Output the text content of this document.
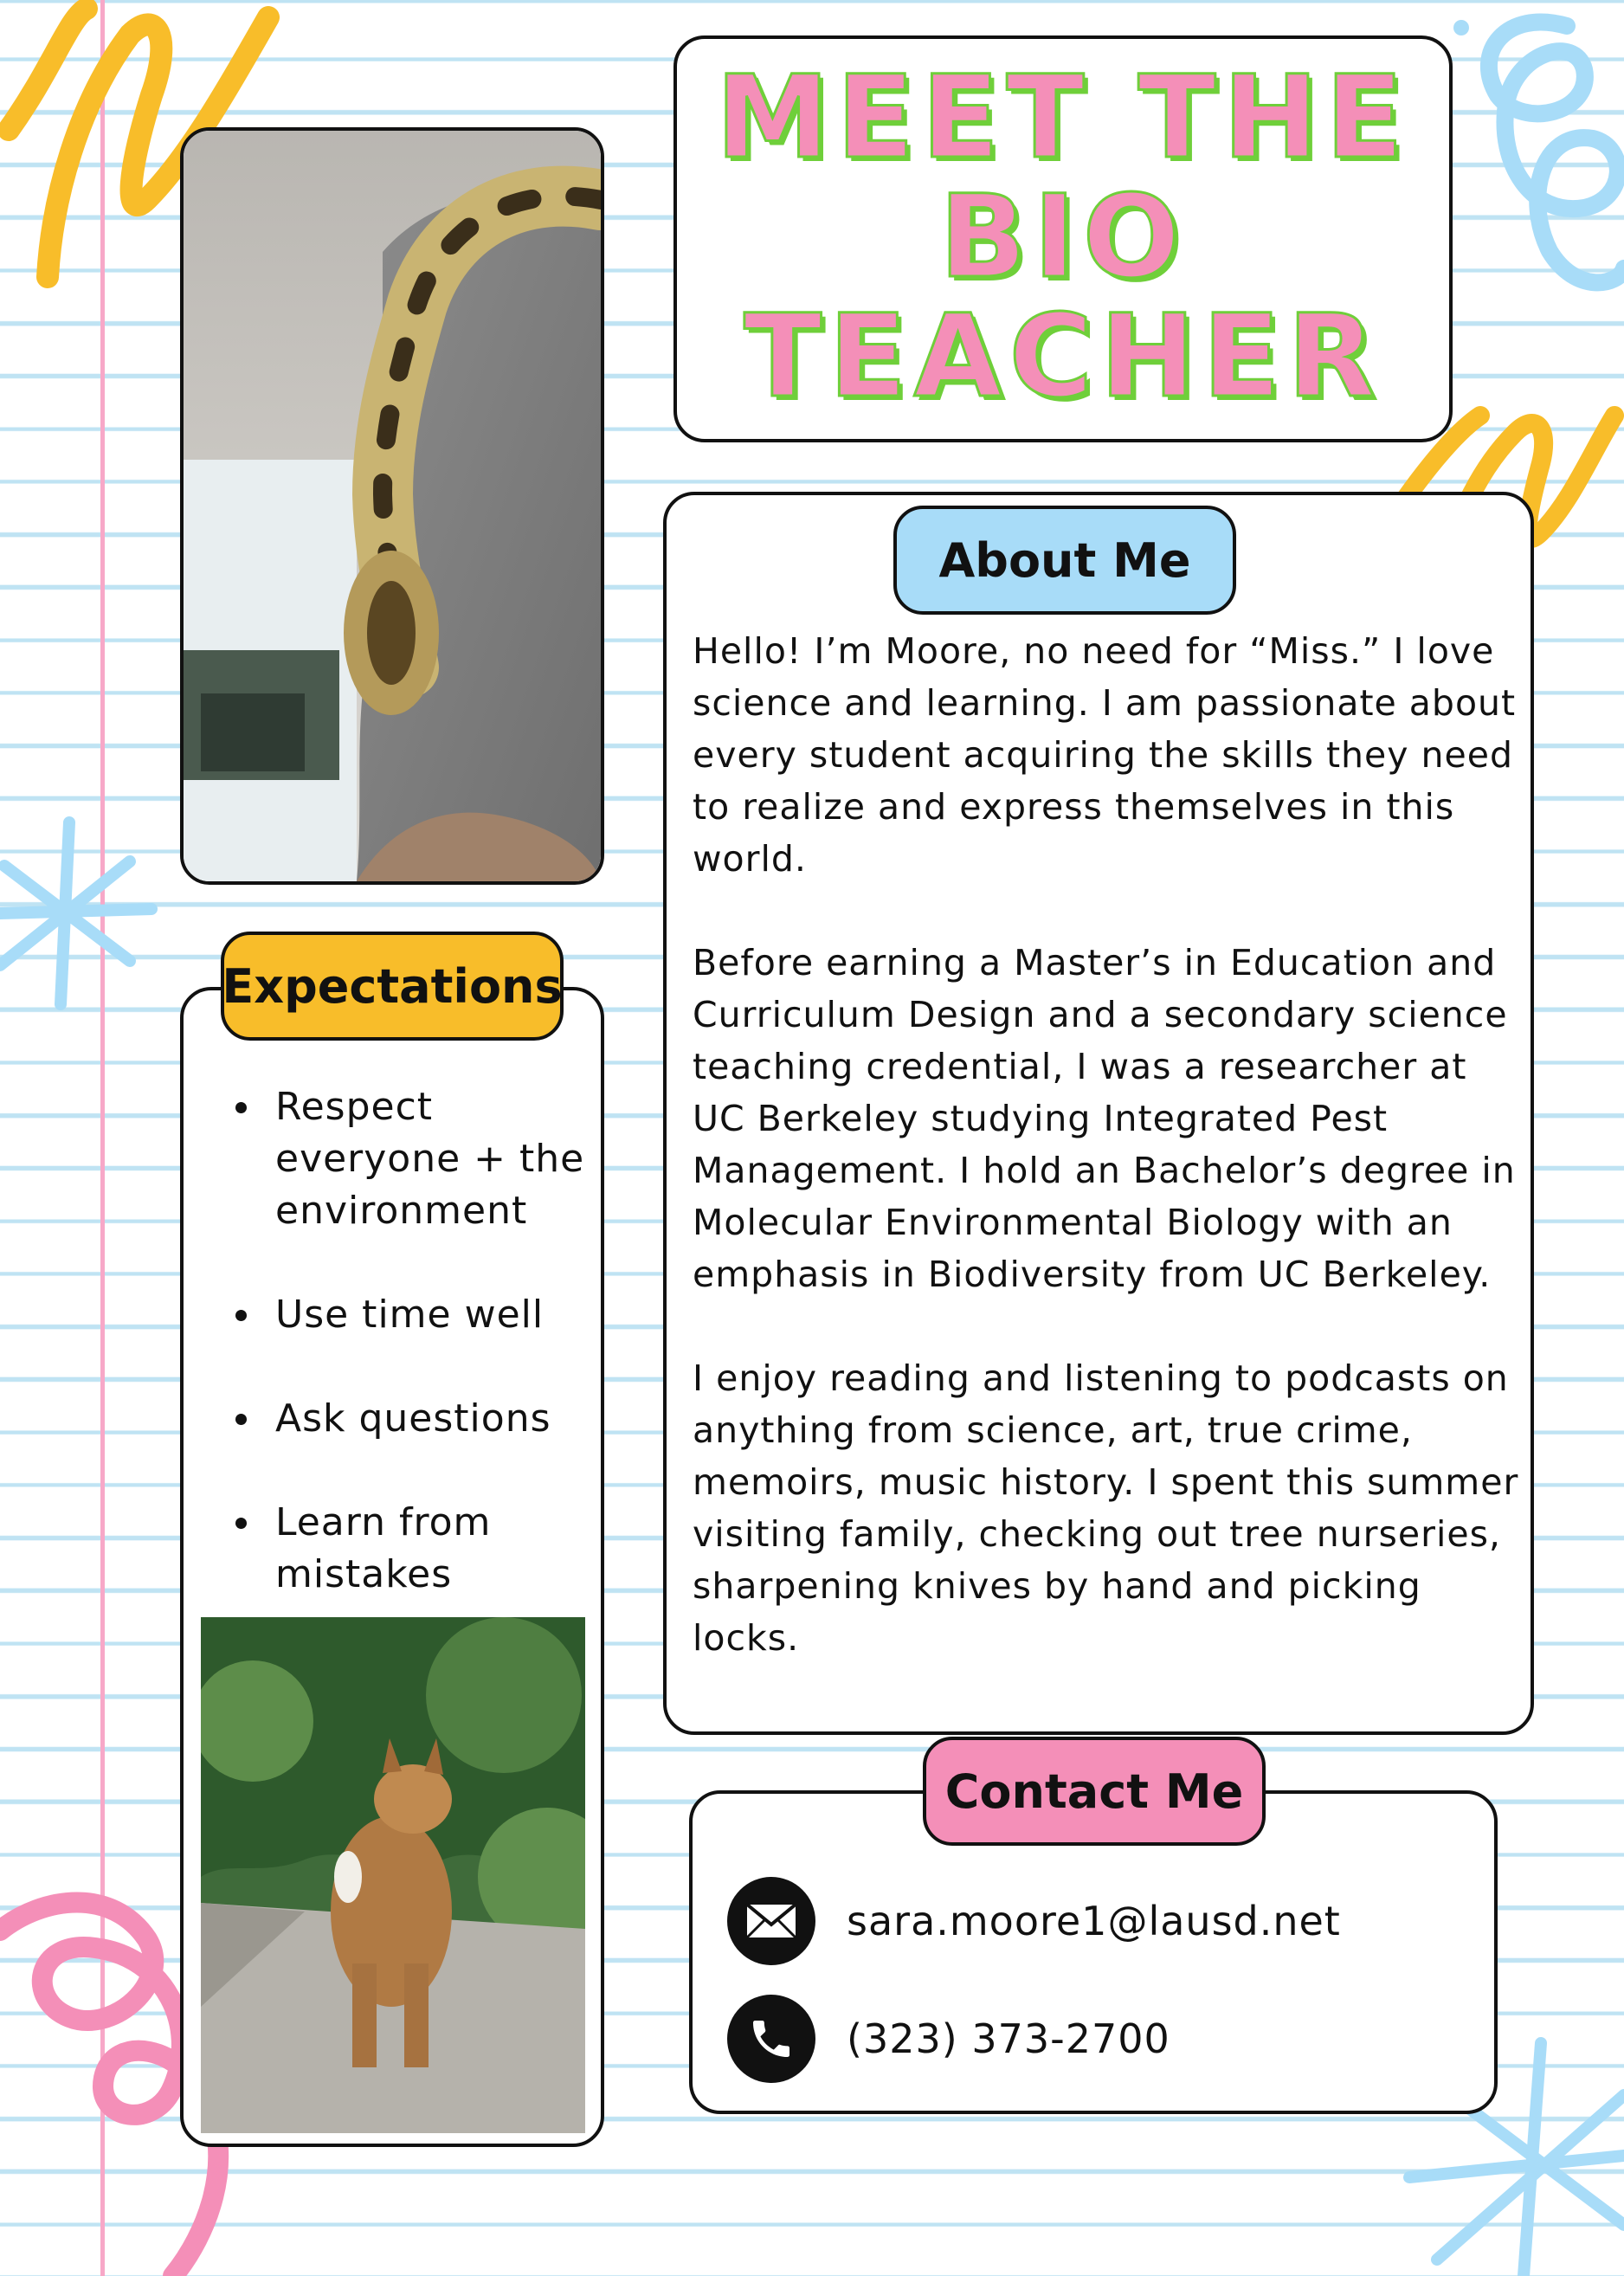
MEET THE
BIO
TEACHER
Respect everyone + the environment
Use time well
Ask questions
Learn from mistakes
Expectations

Hello! I’m Moore, no need for “Miss.” I love science and learning. I am passionate about every student acquiring the skills they need to realize and express themselves in this world.

Before earning a Master’s in Education and Curriculum Design and a secondary science teaching credential, I was a researcher at UC Berkeley studying Integrated Pest Management. I hold an Bachelor’s degree in Molecular Environmental Biology with an emphasis in Biodiversity from UC Berkeley.

I enjoy reading and listening to podcasts on anything from science, art, true crime, memoirs, music history. I spent this summer visiting family, checking out tree nurseries, sharpening knives by hand and picking locks.

About Me
sara.moore1@lausd.net
(323) 373-2700
Contact Me
